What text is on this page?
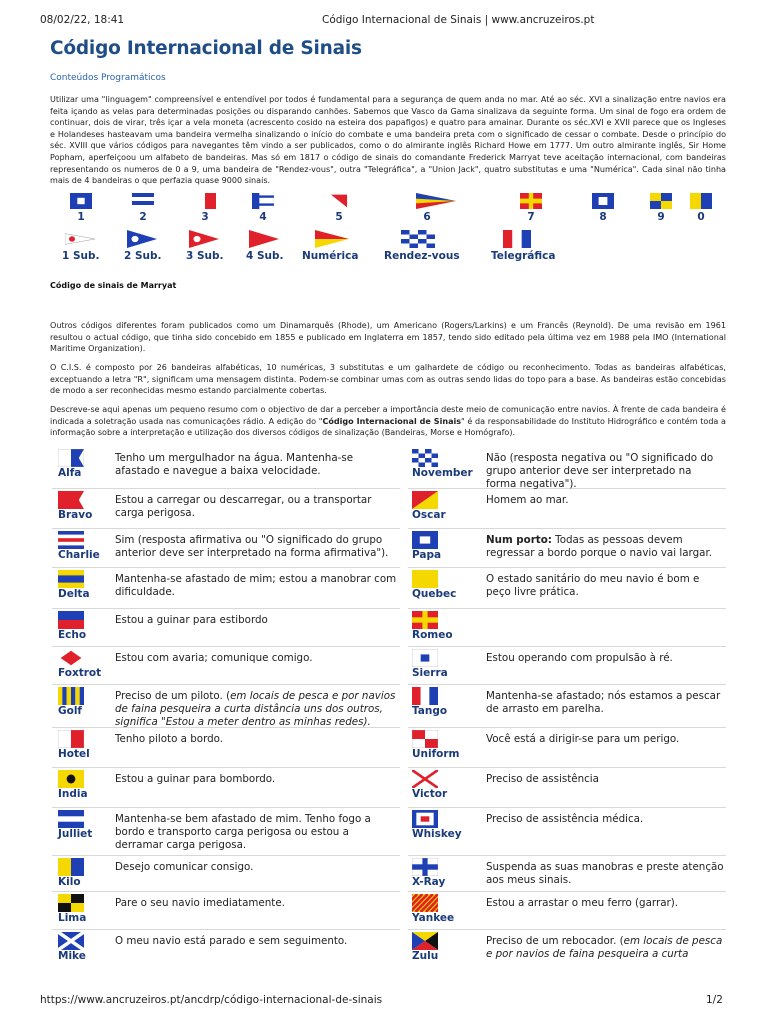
08/02/22, 18:41	Código Internacional de Sinais | www.ancruzeiros.pt
Código Internacional de Sinais
Conteúdos Programáticos

Utilizar uma "linguagem" compreensível e entendível por todos é fundamental para a segurança de quem anda no mar. Até ao séc. XVI a sinalização entre navios era feita içando as velas para determinadas posições ou disparando canhões. Sabemos que Vasco da Gama sinalizava da seguinte forma. Um sinal de fogo era ordem de continuar, dois de virar, três içar a vela moneta (acrescento cosido na esteira dos papafigos) e quatro para amainar. Durante os séc.XVI e XVII parece que os Ingleses e Holandeses hasteavam uma bandeira vermelha sinalizando o início do combate e uma bandeira preta com o significado de cessar o combate. Desde o princípio do séc. XVIII que vários códigos para navegantes têm vindo a ser publicados, como o do almirante inglês Richard Howe em 1777. Um outro almirante inglês, Sir Home Popham, aperfeiçoou um alfabeto de bandeiras. Mas só em 1817 o código de sinais do comandante Frederick Marryat teve aceitação internacional, com bandeiras representando os numeros de 0 a 9, uma bandeira de "Rendez-vous", outra "Telegráfica", a "Union Jack", quatro substitutas e uma "Numérica". Cada sinal não tinha mais de 4 bandeiras o que perfazia quase 9000 sinais.

1	2	3	4	5	6	7	8	9	0
1 Sub. 2 Sub. 3 Sub. 4 Sub. Numérica Rendez-vous	Telegráfica
Código de sinais de Marryat

Outros códigos diferentes foram publicados como um Dinamarquês (Rhode), um Americano (Rogers/Larkins) e um Francês (Reynold). De uma revisão em 1961 resultou o actual código, que tinha sido concebido em 1855 e publicado em Inglaterra em 1857, tendo sido editado pela última vez em 1988 pela IMO (International Maritime Organization).

O C.I.S. é composto por 26 bandeiras alfabéticas, 10 numéricas, 3 substitutas e um galhardete de código ou reconhecimento. Todas as bandeiras alfabéticas, exceptuando a letra "R", significam uma mensagem distinta. Podem-se combinar umas com as outras sendo lidas do topo para a base. As bandeiras estão concebidas de modo a ser reconhecidas mesmo estando parcialmente cobertas.

Descreve-se aqui apenas um pequeno resumo com o objectivo de dar a perceber a importância deste meio de comunicação entre navios. À frente de cada bandeira é indicada a soletração usada nas comunicações rádio. A edição do "Código Internacional de Sinais" é da responsabilidade do Instituto Hidrográfico e contém toda a informação sobre a interpretação e utilização dos diversos códigos de sinalização (Bandeiras, Morse e Homógrafo).

Alfa
Tenho um mergulhador na água. Mantenha-se afastado e navegue a baixa velocidade.
Bravo
Estou a carregar ou descarregar, ou a transportar carga perigosa.
Charlie
Sim (resposta afirmativa ou "O significado do grupo anterior deve ser interpretado na forma afirmativa").
Delta
Mantenha-se afastado de mim; estou a manobrar com dificuldade.
Echo
Estou a guinar para estibordo
Foxtrot
Estou com avaria; comunique comigo.
Golf
Preciso de um piloto. (em locais de pesca e por navios de faina pesqueira a curta distância uns dos outros, significa "Estou a meter dentro as minhas redes).
Hotel
Tenho piloto a bordo.
India
Estou a guinar para bombordo.
Julliet
Mantenha-se bem afastado de mim. Tenho fogo a bordo e transporto carga perigosa ou estou a derramar carga perigosa.
Kilo
Desejo comunicar consigo.
Lima
Pare o seu navio imediatamente.
Mike
O meu navio está parado e sem seguimento.
November
Não (resposta negativa ou "O significado do grupo anterior deve ser interpretado na forma negativa").
Oscar
Homem ao mar.
Papa
Num porto: Todas as pessoas devem regressar a bordo porque o navio vai largar.
Quebec
O estado sanitário do meu navio é bom e peço livre prática.
Romeo
Sierra
Estou operando com propulsão à ré.
Tango
Mantenha-se afastado; nós estamos a pescar de arrasto em parelha.
Uniform
Você está a dirigir-se para um perigo.
Victor
Preciso de assistência
Whiskey
Preciso de assistência médica.
X-Ray
Suspenda as suas manobras e preste atenção aos meus sinais.
Yankee
Estou a arrastar o meu ferro (garrar).
Zulu
Preciso de um rebocador. (em locais de pesca e por navios de faina pesqueira a curta
https://www.ancruzeiros.pt/ancdrp/código-internacional-de-sinais	1/2
